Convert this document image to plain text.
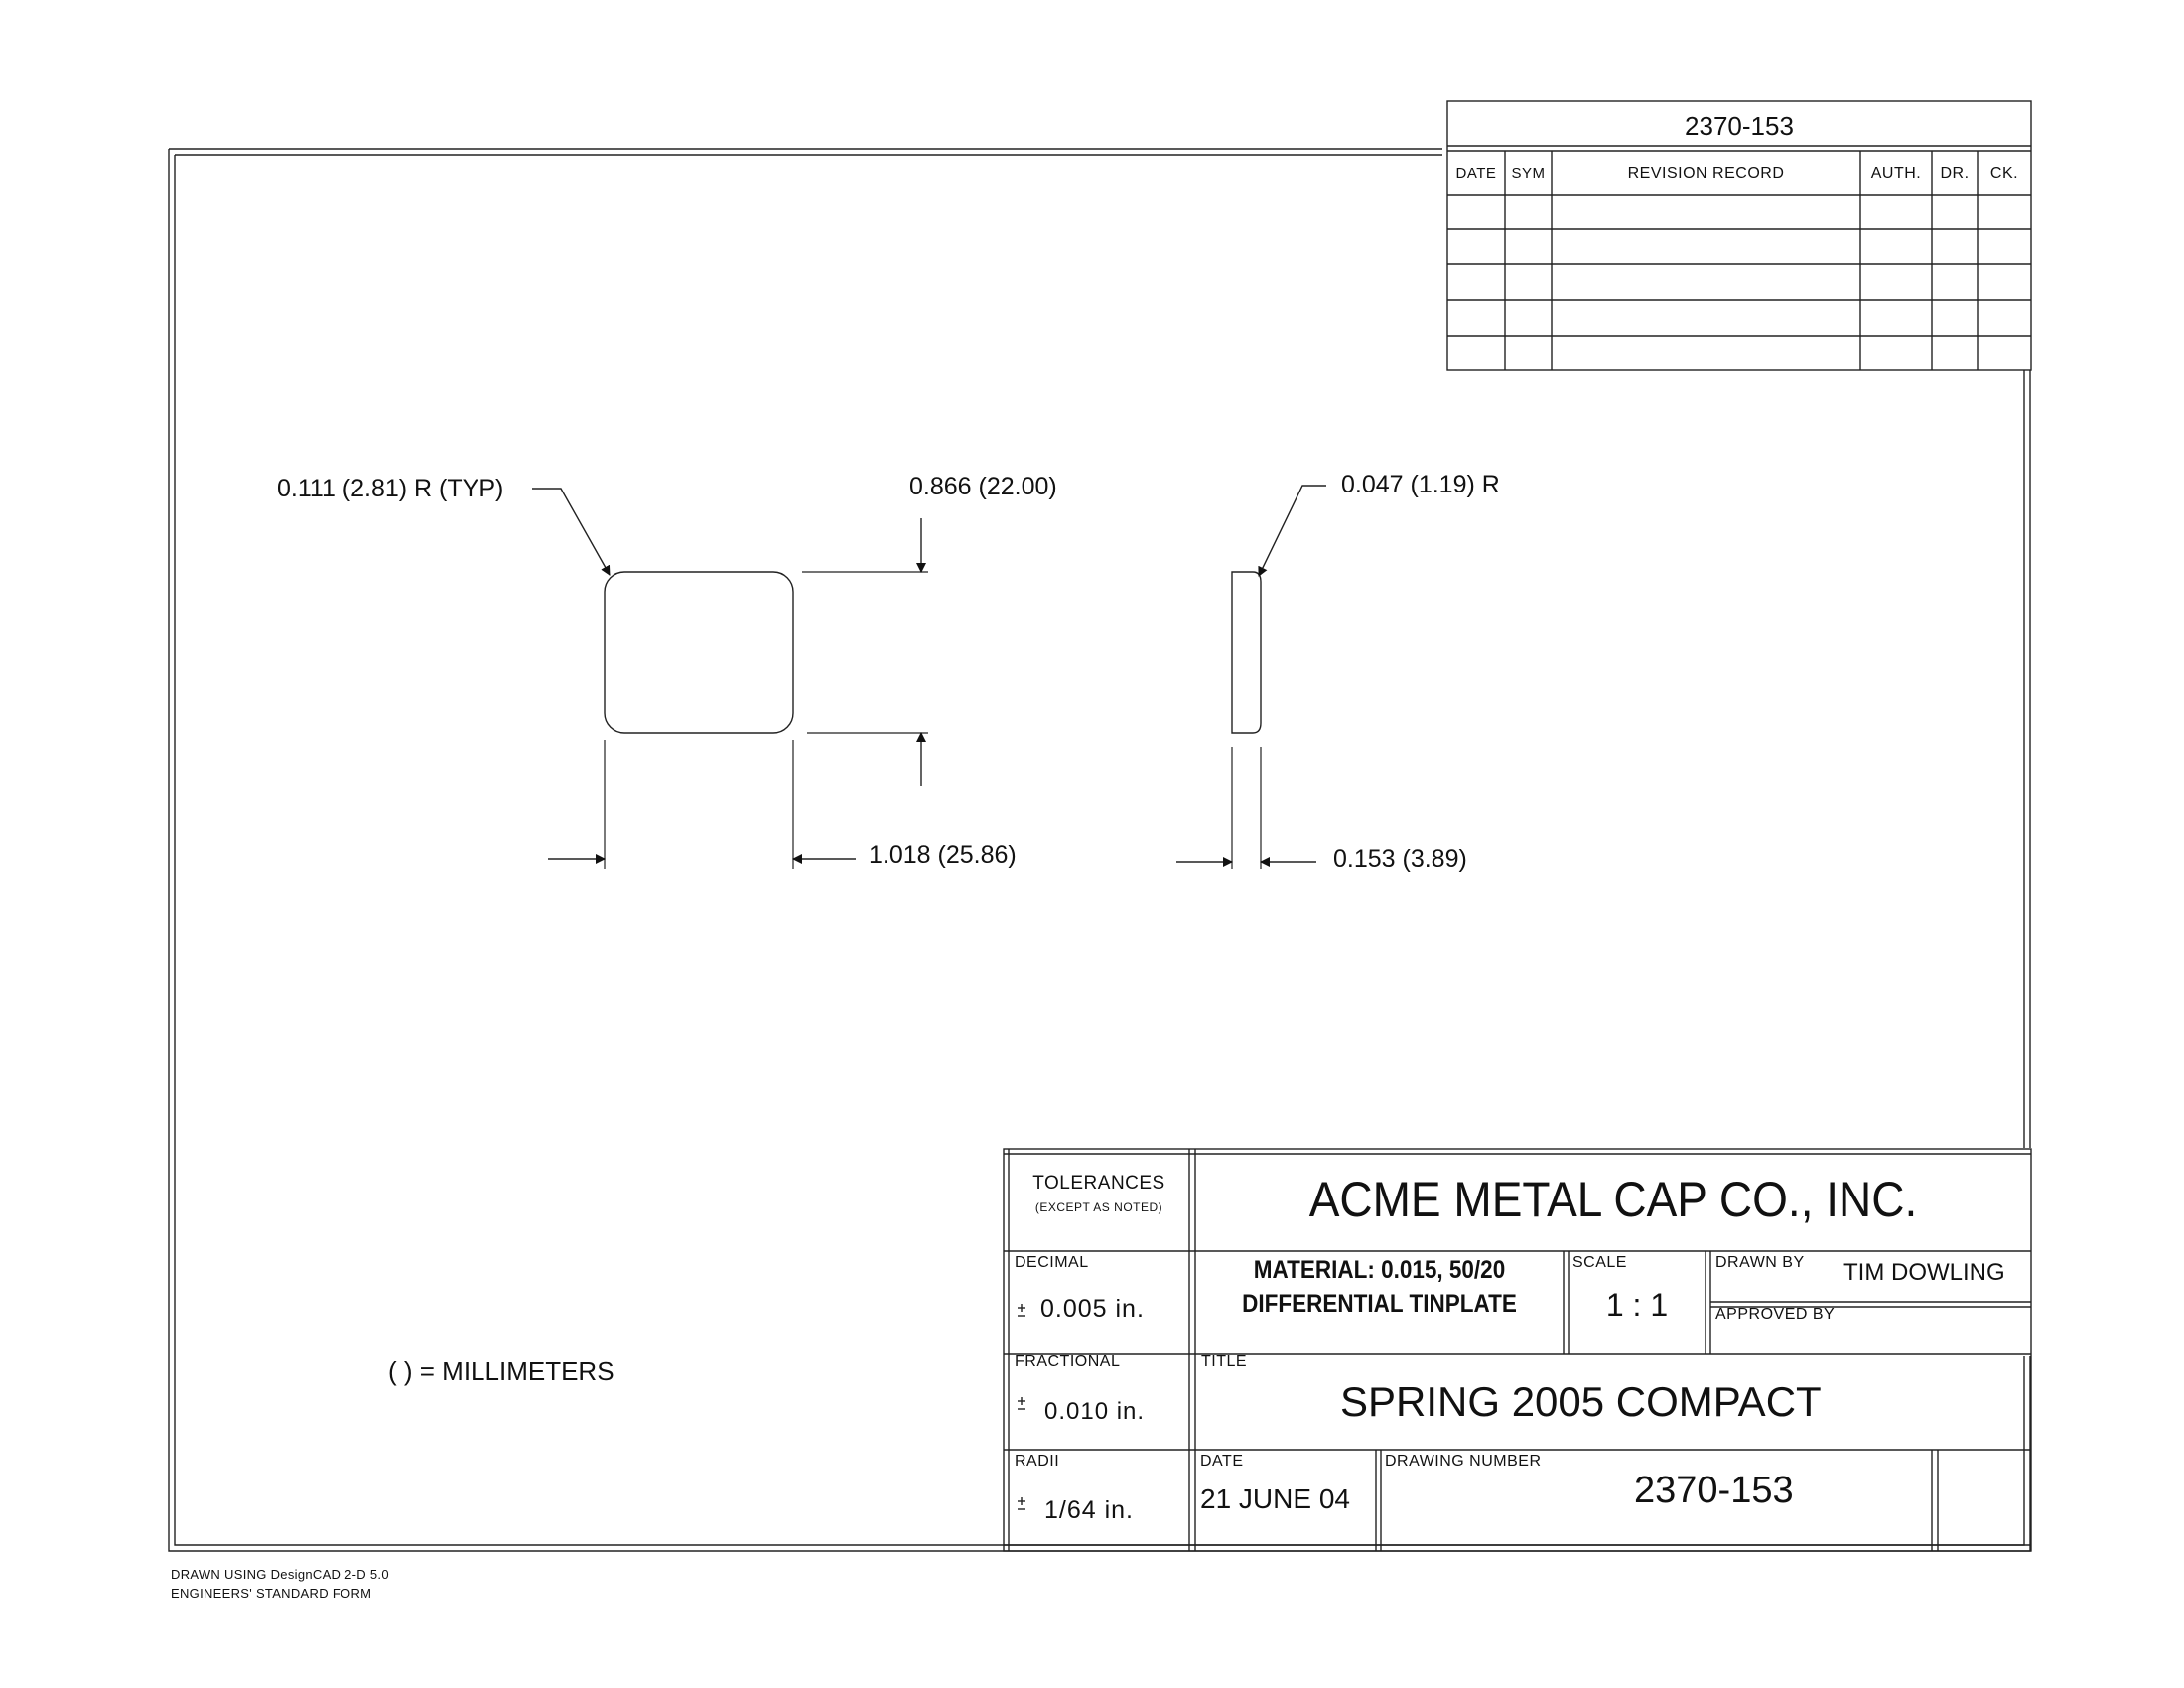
2370-153
DATE	SYM	REVISION RECORD	AUTH.	DR.	CK.
0.111 (2.81) R (TYP)	0.866 (22.00)
1.018 (25.86)
0.047 (1.19) R
0.153 (3.89)
( ) = MILLIMETERS
TOLERANCES
(EXCEPT AS NOTED)	ACME METAL CAP CO., INC.
DECIMAL
0.005 in.
MATERIAL: 0.015, 50/20
DIFFERENTIAL TINPLATE
SCALE
1 : 1
DRAWN BY TIM DOWLING
APPROVED BY
FRACTIONAL
0.010 in.
TITLE
SPRING 2005 COMPACT
RADII
1/64 in.
DATE
21 JUNE 04
DRAWING NUMBER
2370-153
DRAWN USING DesignCAD 2-D 5.0
ENGINEERS' STANDARD FORM
